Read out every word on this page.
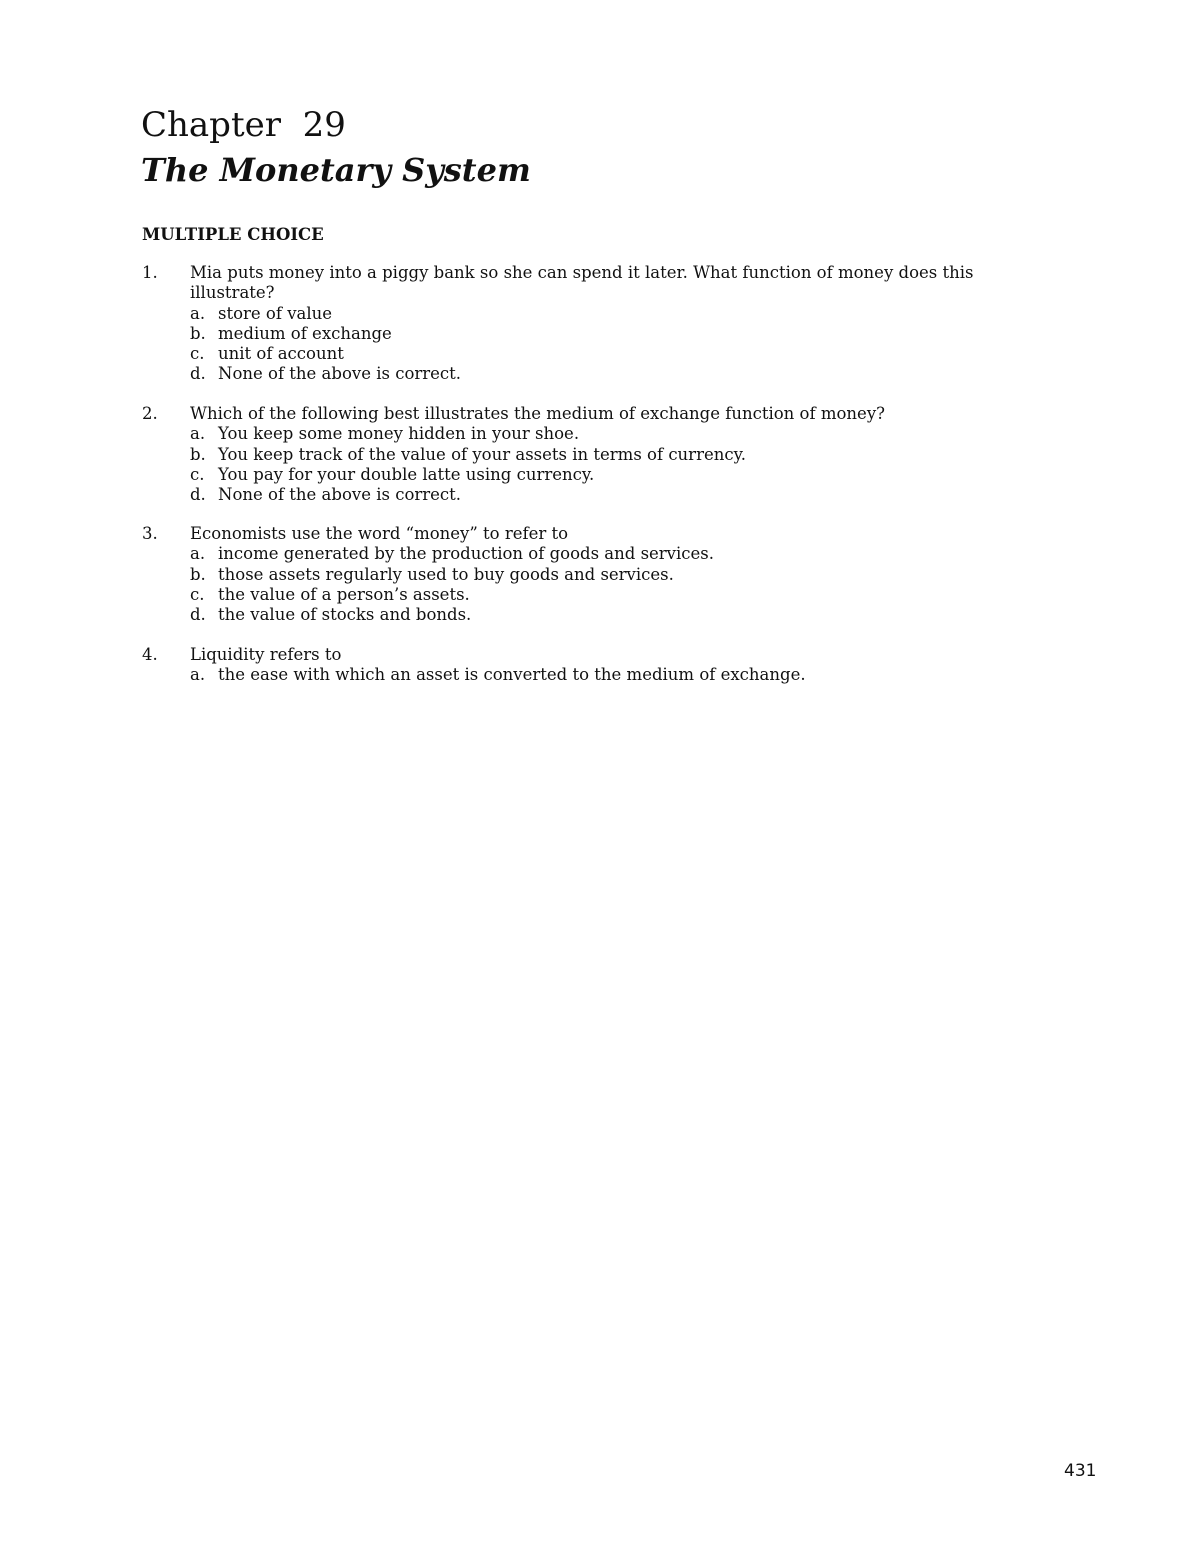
Chapter  29
The Monetary System
MULTIPLE CHOICE
1. Mia puts money into a piggy bank so she can spend it later. What function of money does this illustrate?
a. store of value
b. medium of exchange
c. unit of account
d. None of the above is correct.
2. Which of the following best illustrates the medium of exchange function of money?
a. You keep some money hidden in your shoe.
b. You keep track of the value of your assets in terms of currency.
c. You pay for your double latte using currency.
d. None of the above is correct.
3. Economists use the word “money” to refer to
a. income generated by the production of goods and services.
b. those assets regularly used to buy goods and services.
c. the value of a person’s assets.
d. the value of stocks and bonds.
4. Liquidity refers to
a. the ease with which an asset is converted to the medium of exchange.
431
